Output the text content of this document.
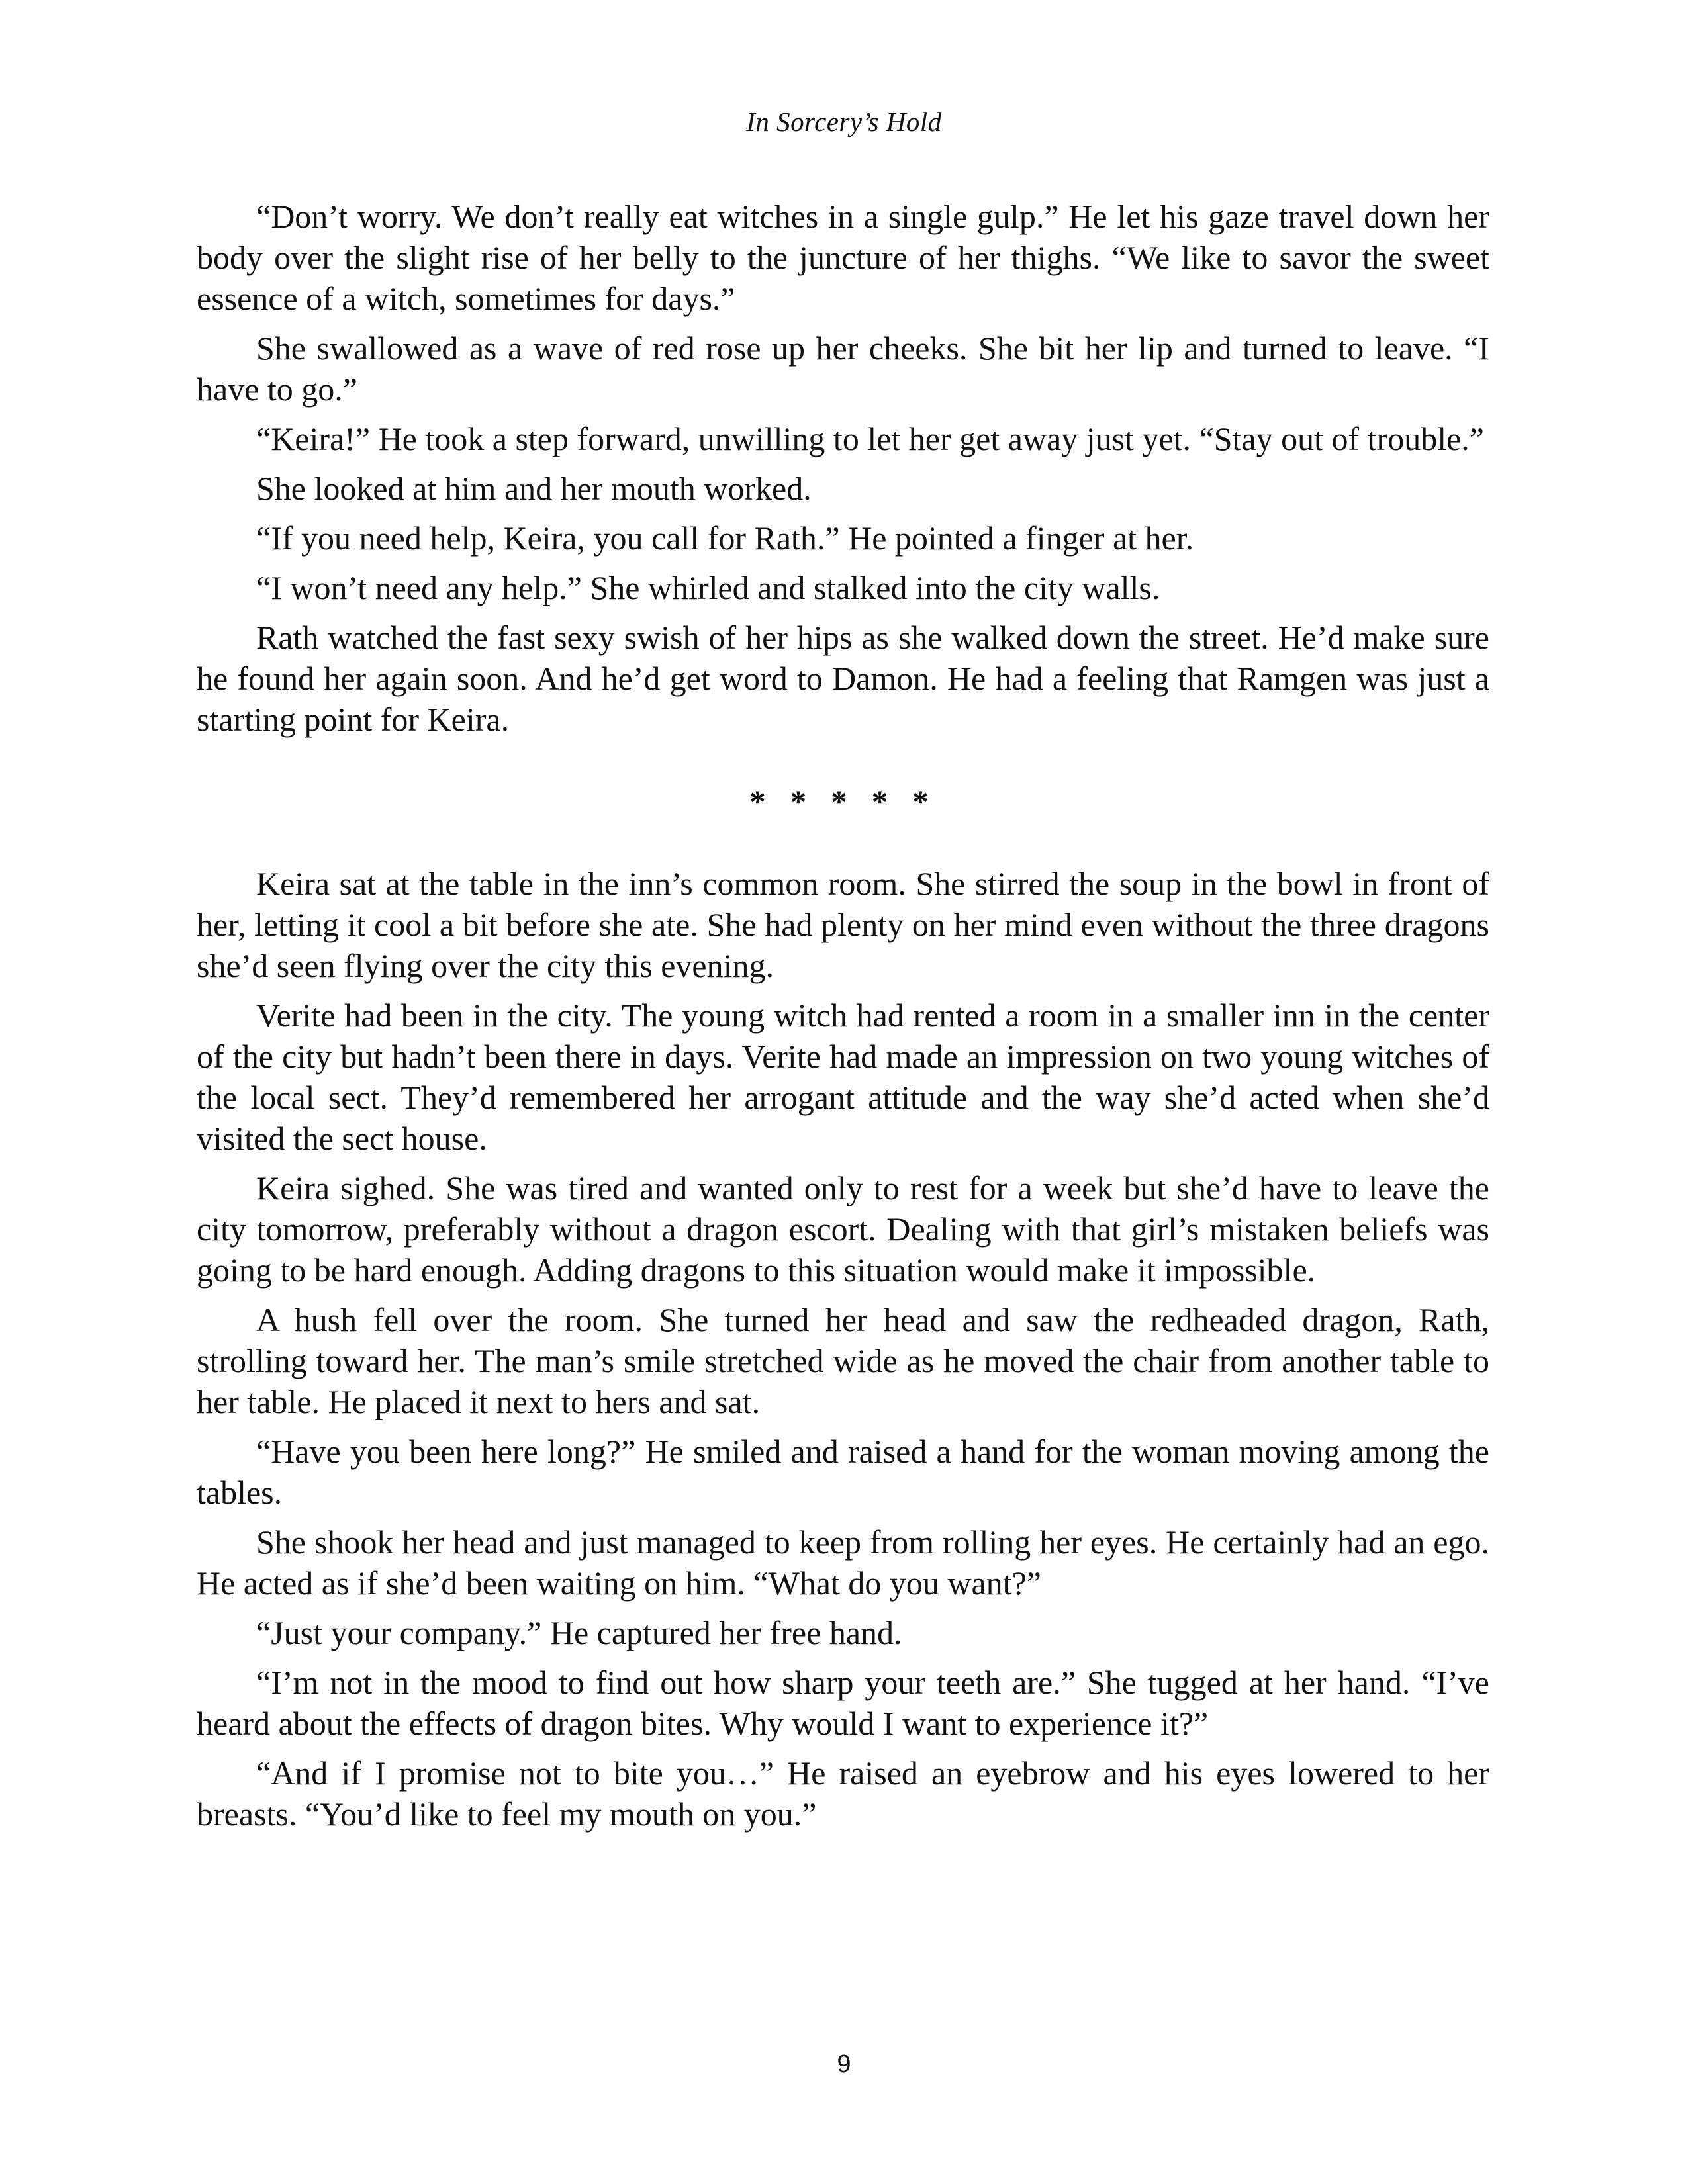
In Sorcery’s Hold

“Don’t worry. We don’t really eat witches in a single gulp.” He let his gaze travel down her body over the slight rise of her belly to the juncture of her thighs. “We like to savor the sweet essence of a witch, sometimes for days.”

She swallowed as a wave of red rose up her cheeks. She bit her lip and turned to leave. “I have to go.”

“Keira!” He took a step forward, unwilling to let her get away just yet. “Stay out of trouble.”

She looked at him and her mouth worked.

“If you need help, Keira, you call for Rath.” He pointed a finger at her.

“I won’t need any help.” She whirled and stalked into the city walls.

Rath watched the fast sexy swish of her hips as she walked down the street. He’d make sure he found her again soon. And he’d get word to Damon. He had a feeling that Ramgen was just a starting point for Keira.

* * * * *

Keira sat at the table in the inn’s common room. She stirred the soup in the bowl in front of her, letting it cool a bit before she ate. She had plenty on her mind even without the three dragons she’d seen flying over the city this evening.

Verite had been in the city. The young witch had rented a room in a smaller inn in the center of the city but hadn’t been there in days. Verite had made an impression on two young witches of the local sect. They’d remembered her arrogant attitude and the way she’d acted when she’d visited the sect house.

Keira sighed. She was tired and wanted only to rest for a week but she’d have to leave the city tomorrow, preferably without a dragon escort. Dealing with that girl’s mistaken beliefs was going to be hard enough. Adding dragons to this situation would make it impossible.

A hush fell over the room. She turned her head and saw the redheaded dragon, Rath, strolling toward her. The man’s smile stretched wide as he moved the chair from another table to her table. He placed it next to hers and sat.

“Have you been here long?” He smiled and raised a hand for the woman moving among the tables.

She shook her head and just managed to keep from rolling her eyes. He certainly had an ego. He acted as if she’d been waiting on him. “What do you want?”

“Just your company.” He captured her free hand.

“I’m not in the mood to find out how sharp your teeth are.” She tugged at her hand. “I’ve heard about the effects of dragon bites. Why would I want to experience it?”

“And if I promise not to bite you…” He raised an eyebrow and his eyes lowered to her breasts. “You’d like to feel my mouth on you.”

9
